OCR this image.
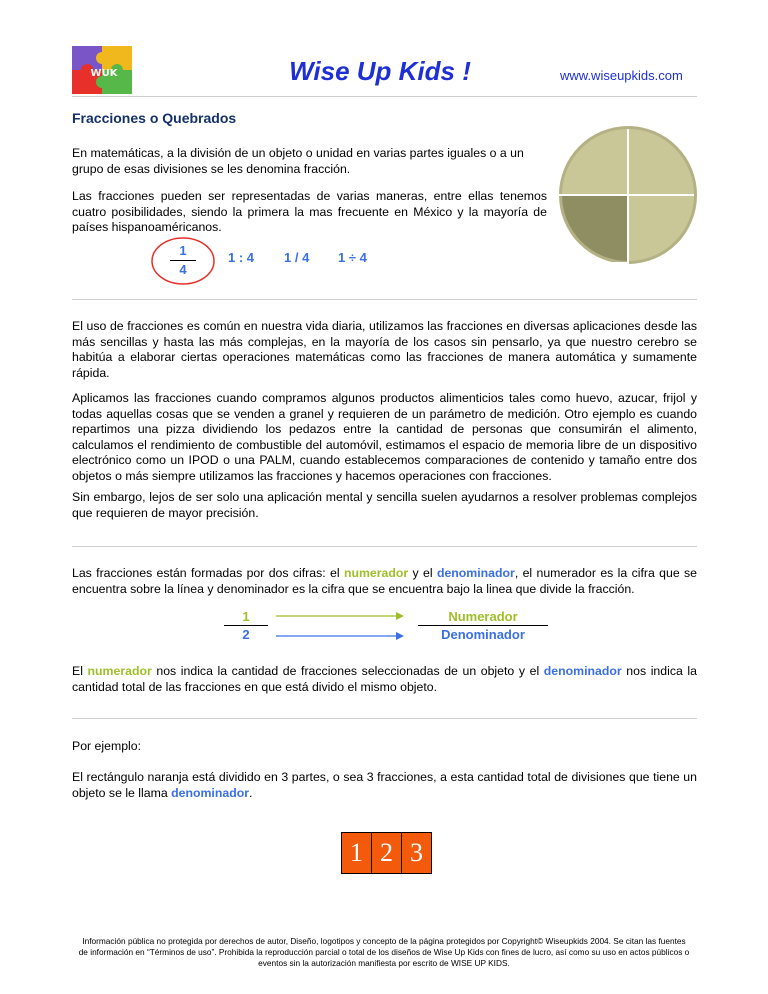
WUK	Wise Up Kids !	www.wiseupkids.com
Fracciones o Quebrados

En matemáticas, a la división de un objeto o unidad en varias partes iguales o a un grupo de esas divisiones se les denomina fracción.

Las fracciones pueden ser representadas de varias maneras, entre ellas tenemos cuatro posibilidades, siendo la primera la mas frecuente en México y la mayoría de países hispanoaméricanos.

1
4
1 : 4 1 / 4 1 ÷ 4

El uso de fracciones es común en nuestra vida diaria, utilizamos las fracciones en diversas aplicaciones desde las más sencillas y hasta las más complejas, en la mayoría de los casos sin pensarlo, ya que nuestro cerebro se habitúa a elaborar ciertas operaciones matemáticas como las fracciones de manera automática y sumamente rápida.

Aplicamos las fracciones cuando compramos algunos productos alimenticios tales como huevo, azucar, frijol y todas aquellas cosas que se venden a granel y requieren de un parámetro de medición. Otro ejemplo es cuando repartimos una pizza dividiendo los pedazos entre la cantidad de personas que consumirán el alimento, calculamos el rendimiento de combustible del automóvil, estimamos el espacio de memoria libre de un dispositivo electrónico como un IPOD o una PALM, cuando establecemos comparaciones de contenido y tamaño entre dos objetos o más siempre utilizamos las fracciones y hacemos operaciones con fracciones.

Sin embargo, lejos de ser solo una aplicación mental y sencilla suelen ayudarnos a resolver problemas complejos que requieren de mayor precisión.

Las fracciones están formadas por dos cifras: el numerador y el denominador, el numerador es la cifra que se encuentra sobre la línea y denominador es la cifra que se encuentra bajo la linea que divide la fracción.

1
2
Numerador
Denominador

El numerador nos indica la cantidad de fracciones seleccionadas de un objeto y el denominador nos indica la cantidad total de las fracciones en que está divido el mismo objeto.

Por ejemplo:

El rectángulo naranja está dividido en 3 partes, o sea 3 fracciones, a esta cantidad total de divisiones que tiene un objeto se le llama denominador.

1 2 3
Información pública no protegida por derechos de autor, Diseño, logotipos y concepto de la página protegidos por Copyright© Wiseupkids 2004. Se citan las fuentes de información en “Términos de uso”. Prohibida la reproducción parcial o total de los diseños de Wise Up Kids con fines de lucro, así como su uso en actos públicos o eventos sin la autorización manifiesta por escrito de WISE UP KIDS.
